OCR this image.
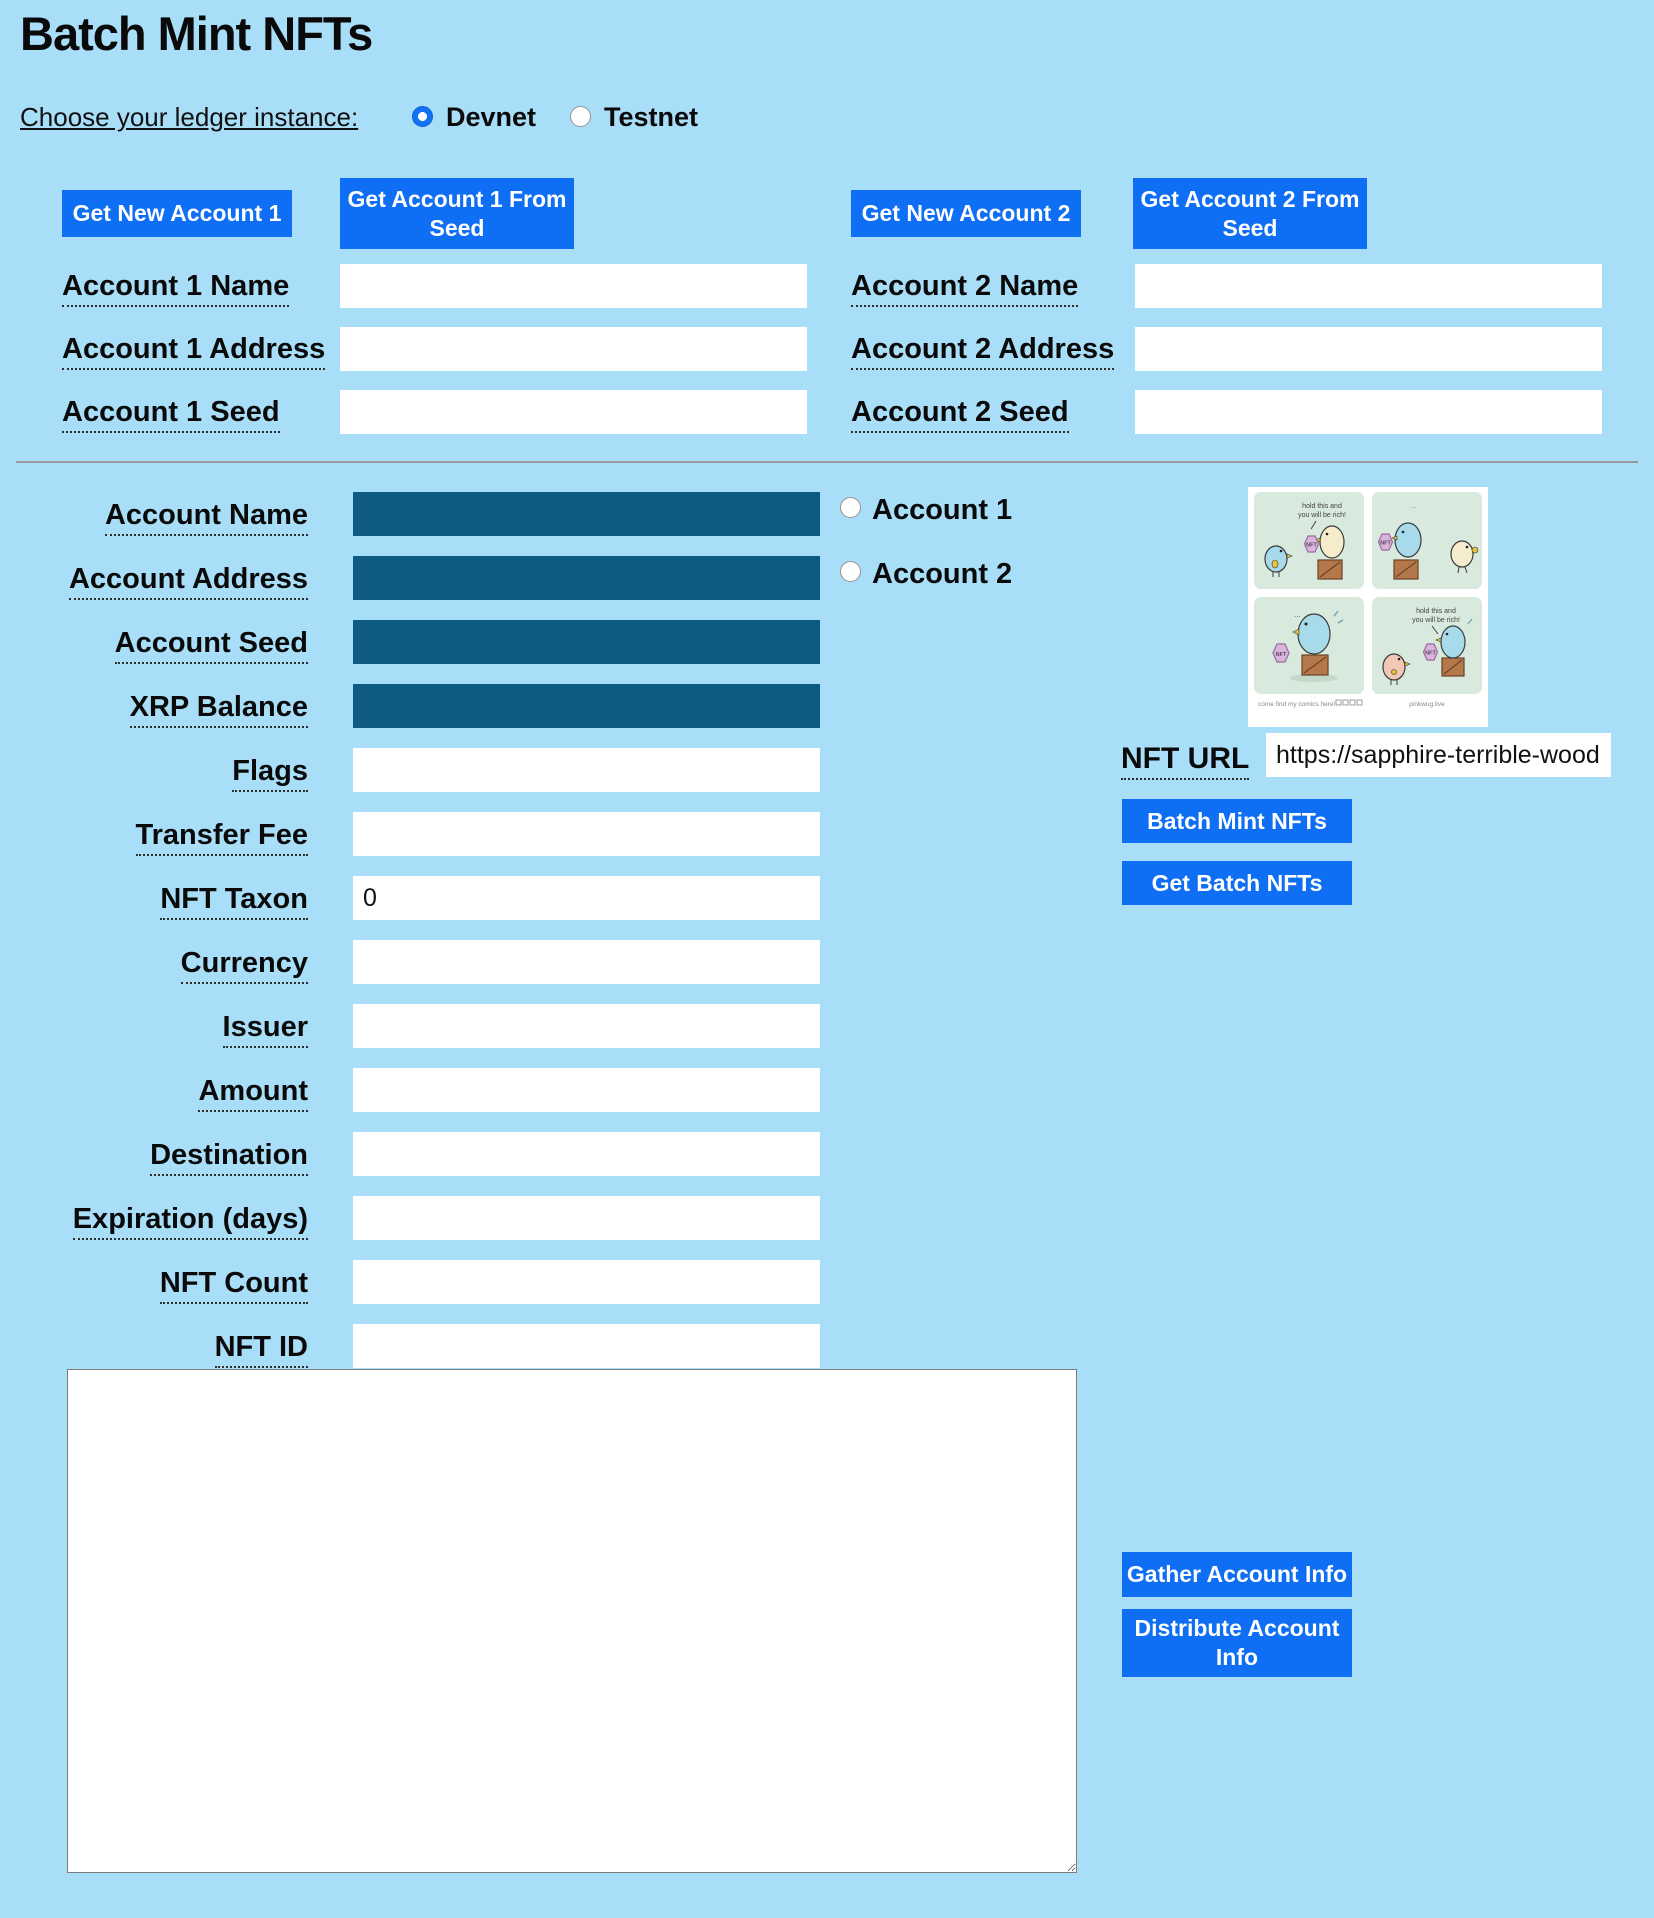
Batch Mint NFTs
Choose your ledger instance:	Devnet	Testnet
Get New Account 1
Get Account 1 From Seed
Get New Account 2
Get Account 2 From Seed
Account 1 Name
Account 1 Address
Account 1 Seed
Account 2 Name
Account 2 Address
Account 2 Seed
Account Name
Account Address
Account Seed
XRP Balance
Flags
Transfer Fee
NFT Taxon
0
Currency
Issuer
Amount
Destination
Expiration (days)
NFT Count
NFT ID
Account 1
Account 2
hold this and
you will be rich!
NFT
..
NFT
...
NFT
hold this and
you will be rich!
NFT
come find my comics here!	pinkwug.live
NFT URL
https://sapphire-terrible-woodpecker
Batch Mint NFTs
Get Batch NFTs
Gather Account Info
Distribute Account Info
